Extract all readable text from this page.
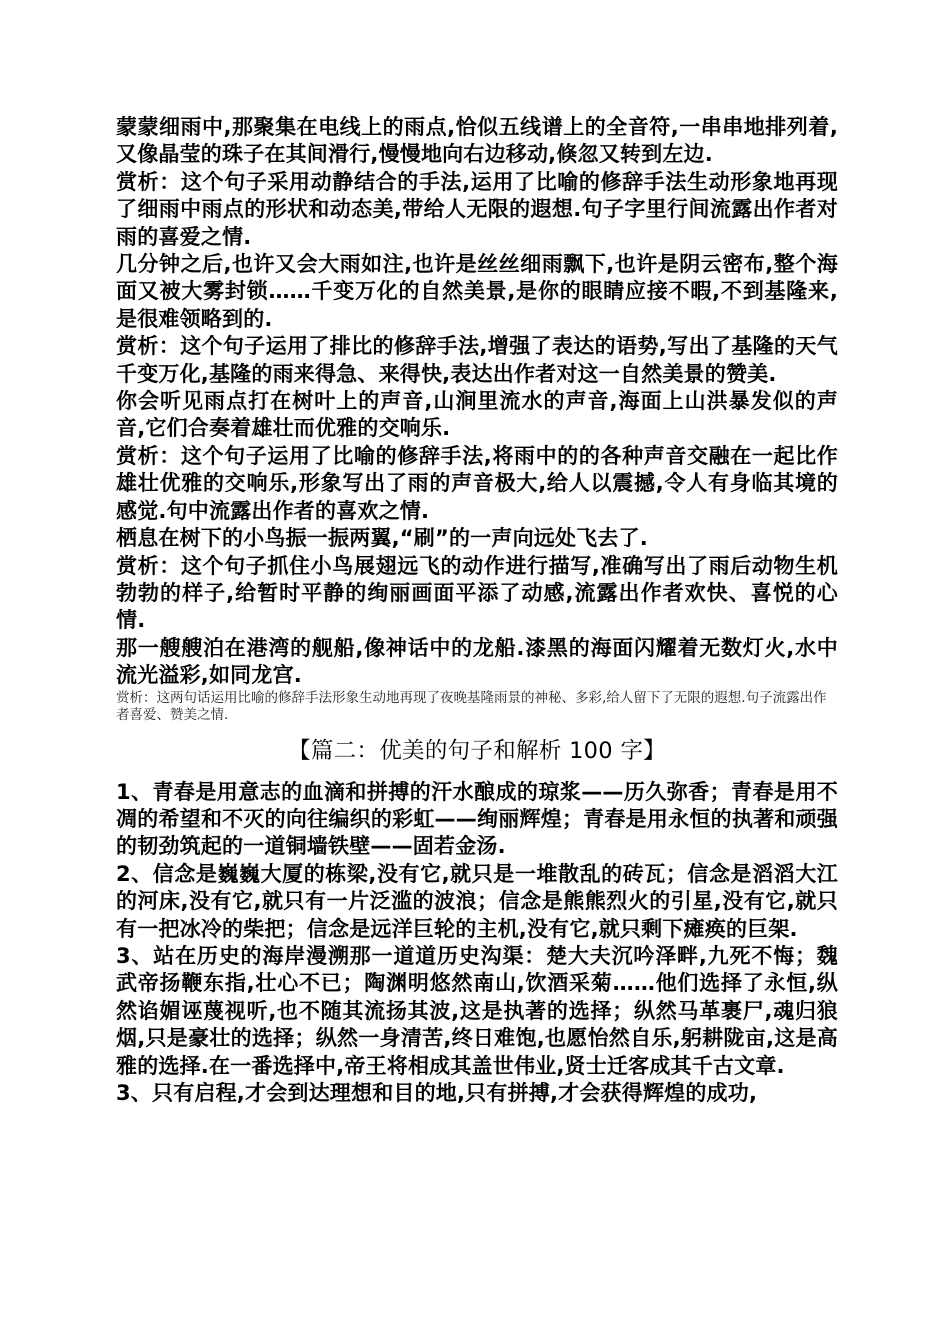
蒙蒙细雨中,那聚集在电线上的雨点,恰似五线谱上的全音符,一串串地排列着,又像晶莹的珠子在其间滑行,慢慢地向右边移动,倏忽又转到左边.

赏析：这个句子采用动静结合的手法,运用了比喻的修辞手法生动形象地再现了细雨中雨点的形状和动态美,带给人无限的遐想.句子字里行间流露出作者对雨的喜爱之情.

几分钟之后,也许又会大雨如注,也许是丝丝细雨飘下,也许是阴云密布,整个海面又被大雾封锁……千变万化的自然美景,是你的眼睛应接不暇,不到基隆来,是很难领略到的.

赏析：这个句子运用了排比的修辞手法,增强了表达的语势,写出了基隆的天气千变万化,基隆的雨来得急、来得快,表达出作者对这一自然美景的赞美.

你会听见雨点打在树叶上的声音,山涧里流水的声音,海面上山洪暴发似的声音,它们合奏着雄壮而优雅的交响乐.

赏析：这个句子运用了比喻的修辞手法,将雨中的的各种声音交融在一起比作雄壮优雅的交响乐,形象写出了雨的声音极大,给人以震撼,令人有身临其境的感觉.句中流露出作者的喜欢之情.

栖息在树下的小鸟振一振两翼,“刷”的一声向远处飞去了.

赏析：这个句子抓住小鸟展翅远飞的动作进行描写,准确写出了雨后动物生机勃勃的样子,给暂时平静的绚丽画面平添了动感,流露出作者欢快、喜悦的心情.

那一艘艘泊在港湾的舰船,像神话中的龙船.漆黑的海面闪耀着无数灯火,水中流光溢彩,如同龙宫.

赏析：这两句话运用比喻的修辞手法形象生动地再现了夜晚基隆雨景的神秘、多彩,给人留下了无限的遐想.句子流露出作者喜爱、赞美之情.

【篇二：优美的句子和解析 100 字】

1、青春是用意志的血滴和拼搏的汗水酿成的琼浆——历久弥香；青春是用不凋的希望和不灭的向往编织的彩虹——绚丽辉煌；青春是用永恒的执著和顽强的韧劲筑起的一道铜墙铁壁——固若金汤.

2、信念是巍巍大厦的栋梁,没有它,就只是一堆散乱的砖瓦；信念是滔滔大江的河床,没有它,就只有一片泛滥的波浪；信念是熊熊烈火的引星,没有它,就只有一把冰冷的柴把；信念是远洋巨轮的主机,没有它,就只剩下瘫痪的巨架.

3、站在历史的海岸漫溯那一道道历史沟渠：楚大夫沉吟泽畔,九死不悔；魏武帝扬鞭东指,壮心不已；陶渊明悠然南山,饮酒采菊……他们选择了永恒,纵然谄媚诬蔑视听,也不随其流扬其波,这是执著的选择；纵然马革裹尸,魂归狼烟,只是豪壮的选择；纵然一身清苦,终日难饱,也愿怡然自乐,躬耕陇亩,这是高雅的选择.在一番选择中,帝王将相成其盖世伟业,贤士迁客成其千古文章.

3、只有启程,才会到达理想和目的地,只有拼搏,才会获得辉煌的成功,
